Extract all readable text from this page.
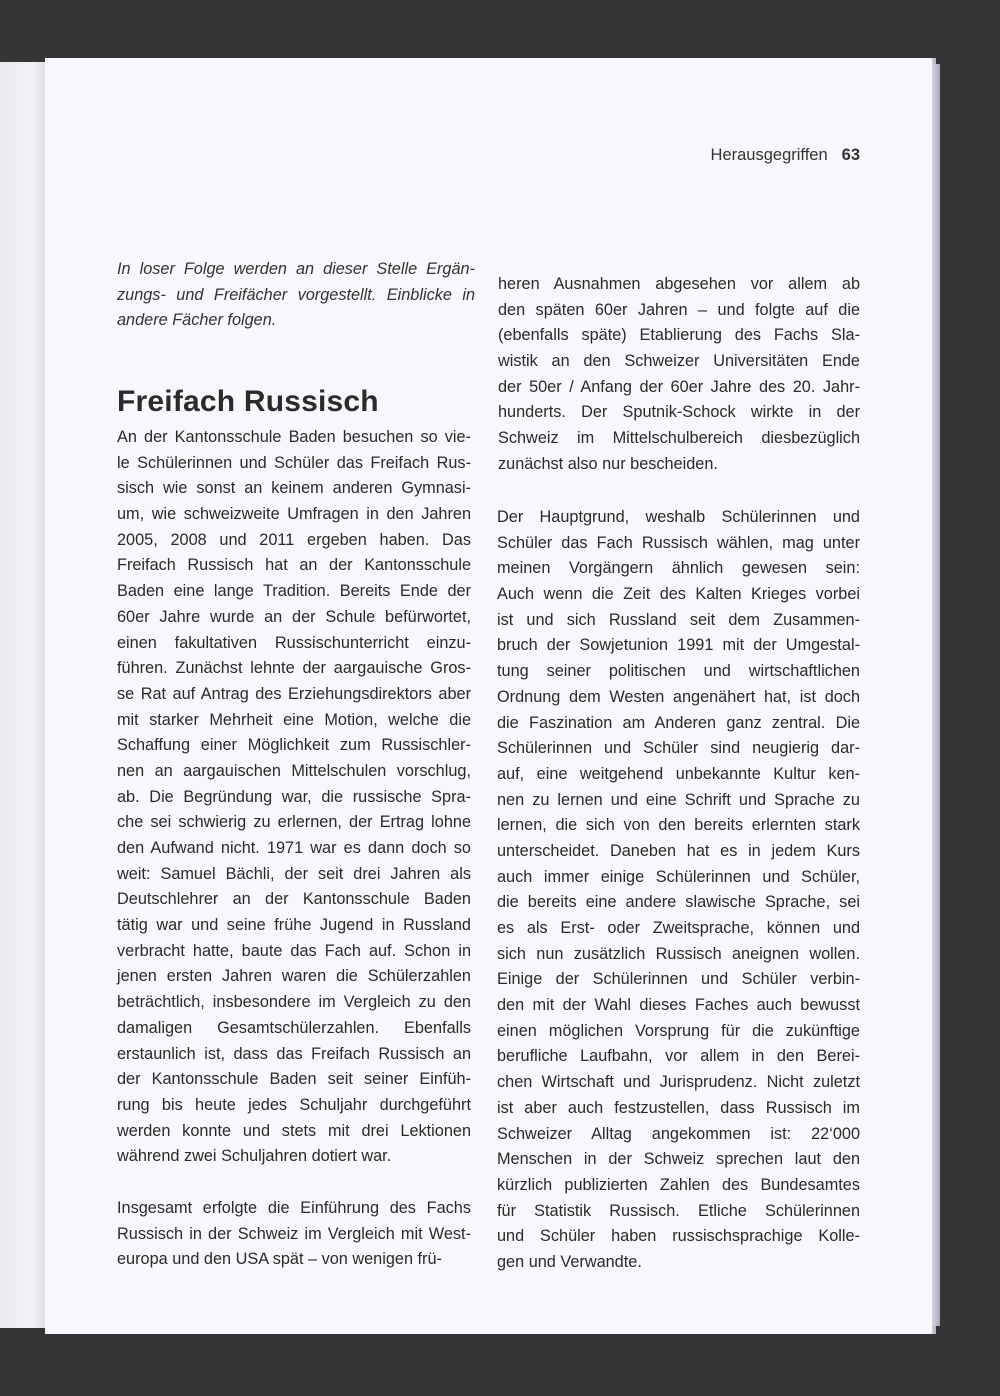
Herausgegriffen 63
In loser Folge werden an dieser Stelle Ergän-
zungs- und Freifächer vorgestellt. Einblicke in
andere Fächer folgen.
Freifach Russisch
An der Kantonsschule Baden besuchen so vie-
le Schülerinnen und Schüler das Freifach Rus-
sisch wie sonst an keinem anderen Gymnasi-
um, wie schweizweite Umfragen in den Jahren
2005, 2008 und 2011 ergeben haben. Das
Freifach Russisch hat an der Kantonsschule
Baden eine lange Tradition. Bereits Ende der
60er Jahre wurde an der Schule befürwortet,
einen fakultativen Russischunterricht einzu-
führen. Zunächst lehnte der aargauische Gros-
se Rat auf Antrag des Erziehungsdirektors aber
mit starker Mehrheit eine Motion, welche die
Schaffung einer Möglichkeit zum Russischler-
nen an aargauischen Mittelschulen vorschlug,
ab. Die Begründung war, die russische Spra-
che sei schwierig zu erlernen, der Ertrag lohne
den Aufwand nicht. 1971 war es dann doch so
weit: Samuel Bächli, der seit drei Jahren als
Deutschlehrer an der Kantonsschule Baden
tätig war und seine frühe Jugend in Russland
verbracht hatte, baute das Fach auf. Schon in
jenen ersten Jahren waren die Schülerzahlen
beträchtlich, insbesondere im Vergleich zu den
damaligen Gesamtschülerzahlen. Ebenfalls
erstaunlich ist, dass das Freifach Russisch an
der Kantonsschule Baden seit seiner Einfüh-
rung bis heute jedes Schuljahr durchgeführt
werden konnte und stets mit drei Lektionen
während zwei Schuljahren dotiert war.
Insgesamt erfolgte die Einführung des Fachs
Russisch in der Schweiz im Vergleich mit West-
europa und den USA spät – von wenigen frü-
heren Ausnahmen abgesehen vor allem ab
den späten 60er Jahren – und folgte auf die
(ebenfalls späte) Etablierung des Fachs Sla-
wistik an den Schweizer Universitäten Ende
der 50er / Anfang der 60er Jahre des 20. Jahr-
hunderts. Der Sputnik-Schock wirkte in der
Schweiz im Mittelschulbereich diesbezüglich
zunächst also nur bescheiden.
Der Hauptgrund, weshalb Schülerinnen und
Schüler das Fach Russisch wählen, mag unter
meinen Vorgängern ähnlich gewesen sein:
Auch wenn die Zeit des Kalten Krieges vorbei
ist und sich Russland seit dem Zusammen-
bruch der Sowjetunion 1991 mit der Umgestal-
tung seiner politischen und wirtschaftlichen
Ordnung dem Westen angenähert hat, ist doch
die Faszination am Anderen ganz zentral. Die
Schülerinnen und Schüler sind neugierig dar-
auf, eine weitgehend unbekannte Kultur ken-
nen zu lernen und eine Schrift und Sprache zu
lernen, die sich von den bereits erlernten stark
unterscheidet. Daneben hat es in jedem Kurs
auch immer einige Schülerinnen und Schüler,
die bereits eine andere slawische Sprache, sei
es als Erst- oder Zweitsprache, können und
sich nun zusätzlich Russisch aneignen wollen.
Einige der Schülerinnen und Schüler verbin-
den mit der Wahl dieses Faches auch bewusst
einen möglichen Vorsprung für die zukünftige
berufliche Laufbahn, vor allem in den Berei-
chen Wirtschaft und Jurisprudenz. Nicht zuletzt
ist aber auch festzustellen, dass Russisch im
Schweizer Alltag angekommen ist: 22‘000
Menschen in der Schweiz sprechen laut den
kürzlich publizierten Zahlen des Bundesamtes
für Statistik Russisch. Etliche Schülerinnen
und Schüler haben russischsprachige Kolle-
gen und Verwandte.
